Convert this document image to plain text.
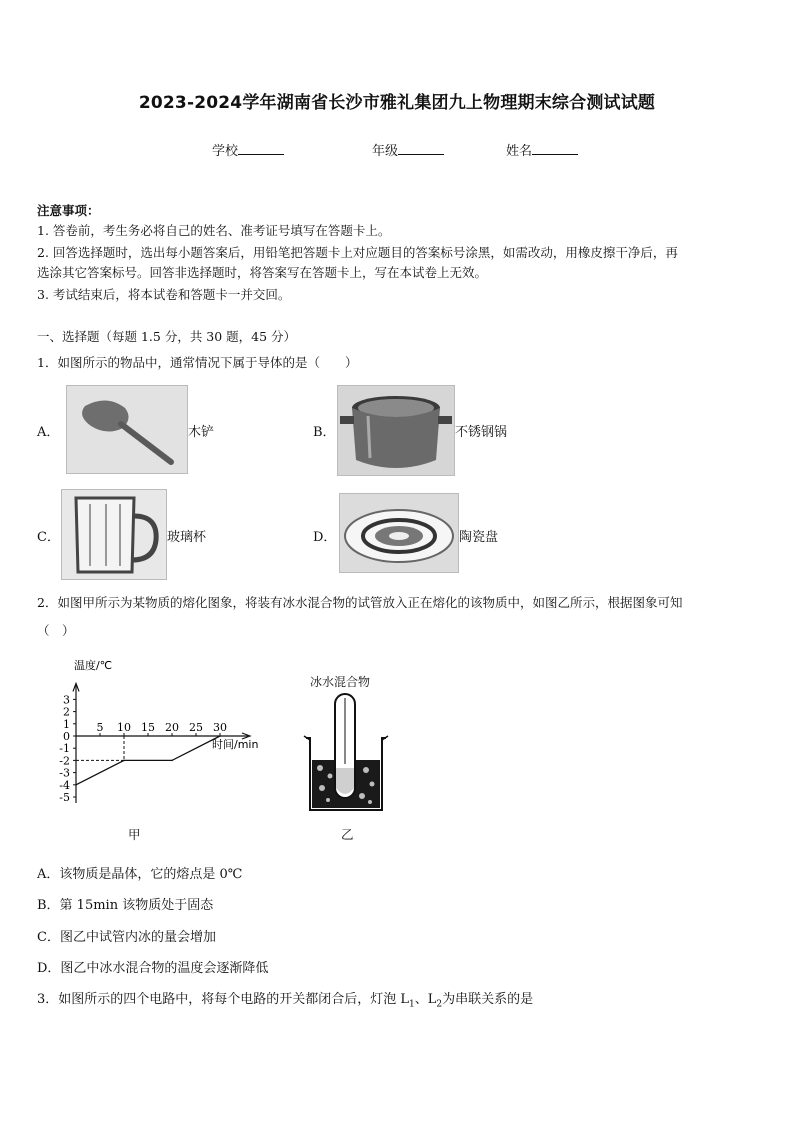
2023-2024学年湖南省长沙市雅礼集团九上物理期末综合测试试题
学校	年级	姓名
注意事项：
1. 答卷前，考生务必将自己的姓名、准考证号填写在答题卡上。
2. 回答选择题时，选出每小题答案后，用铅笔把答题卡上对应题目的答案标号涂黑，如需改动，用橡皮擦干净后，再
选涂其它答案标号。回答非选择题时，将答案写在答题卡上，写在本试卷上无效。
3. 考试结束后，将本试卷和答题卡一并交回。
一、选择题（每题 1.5 分，共 30 题，45 分）
1．如图所示的物品中，通常情况下属于导体的是（　　）
A．	木铲	B．	不锈钢锅
C．	玻璃杯	D．	陶瓷盘
2．如图甲所示为某物质的熔化图象，将装有冰水混合物的试管放入正在熔化的该物质中，如图乙所示，根据图象可知
（　）
温度/℃
时间/min
3
2
1
0
-1
-2
-3
-4
-5
5 10 15 20 25 30
甲
冰水混合物
乙
A．该物质是晶体，它的熔点是 0℃
B．第 15min 该物质处于固态
C．图乙中试管内冰的量会增加
D．图乙中冰水混合物的温度会逐渐降低
3．如图所示的四个电路中，将每个电路的开关都闭合后，灯泡 $L_1$、$L_2$为串联关系的是
